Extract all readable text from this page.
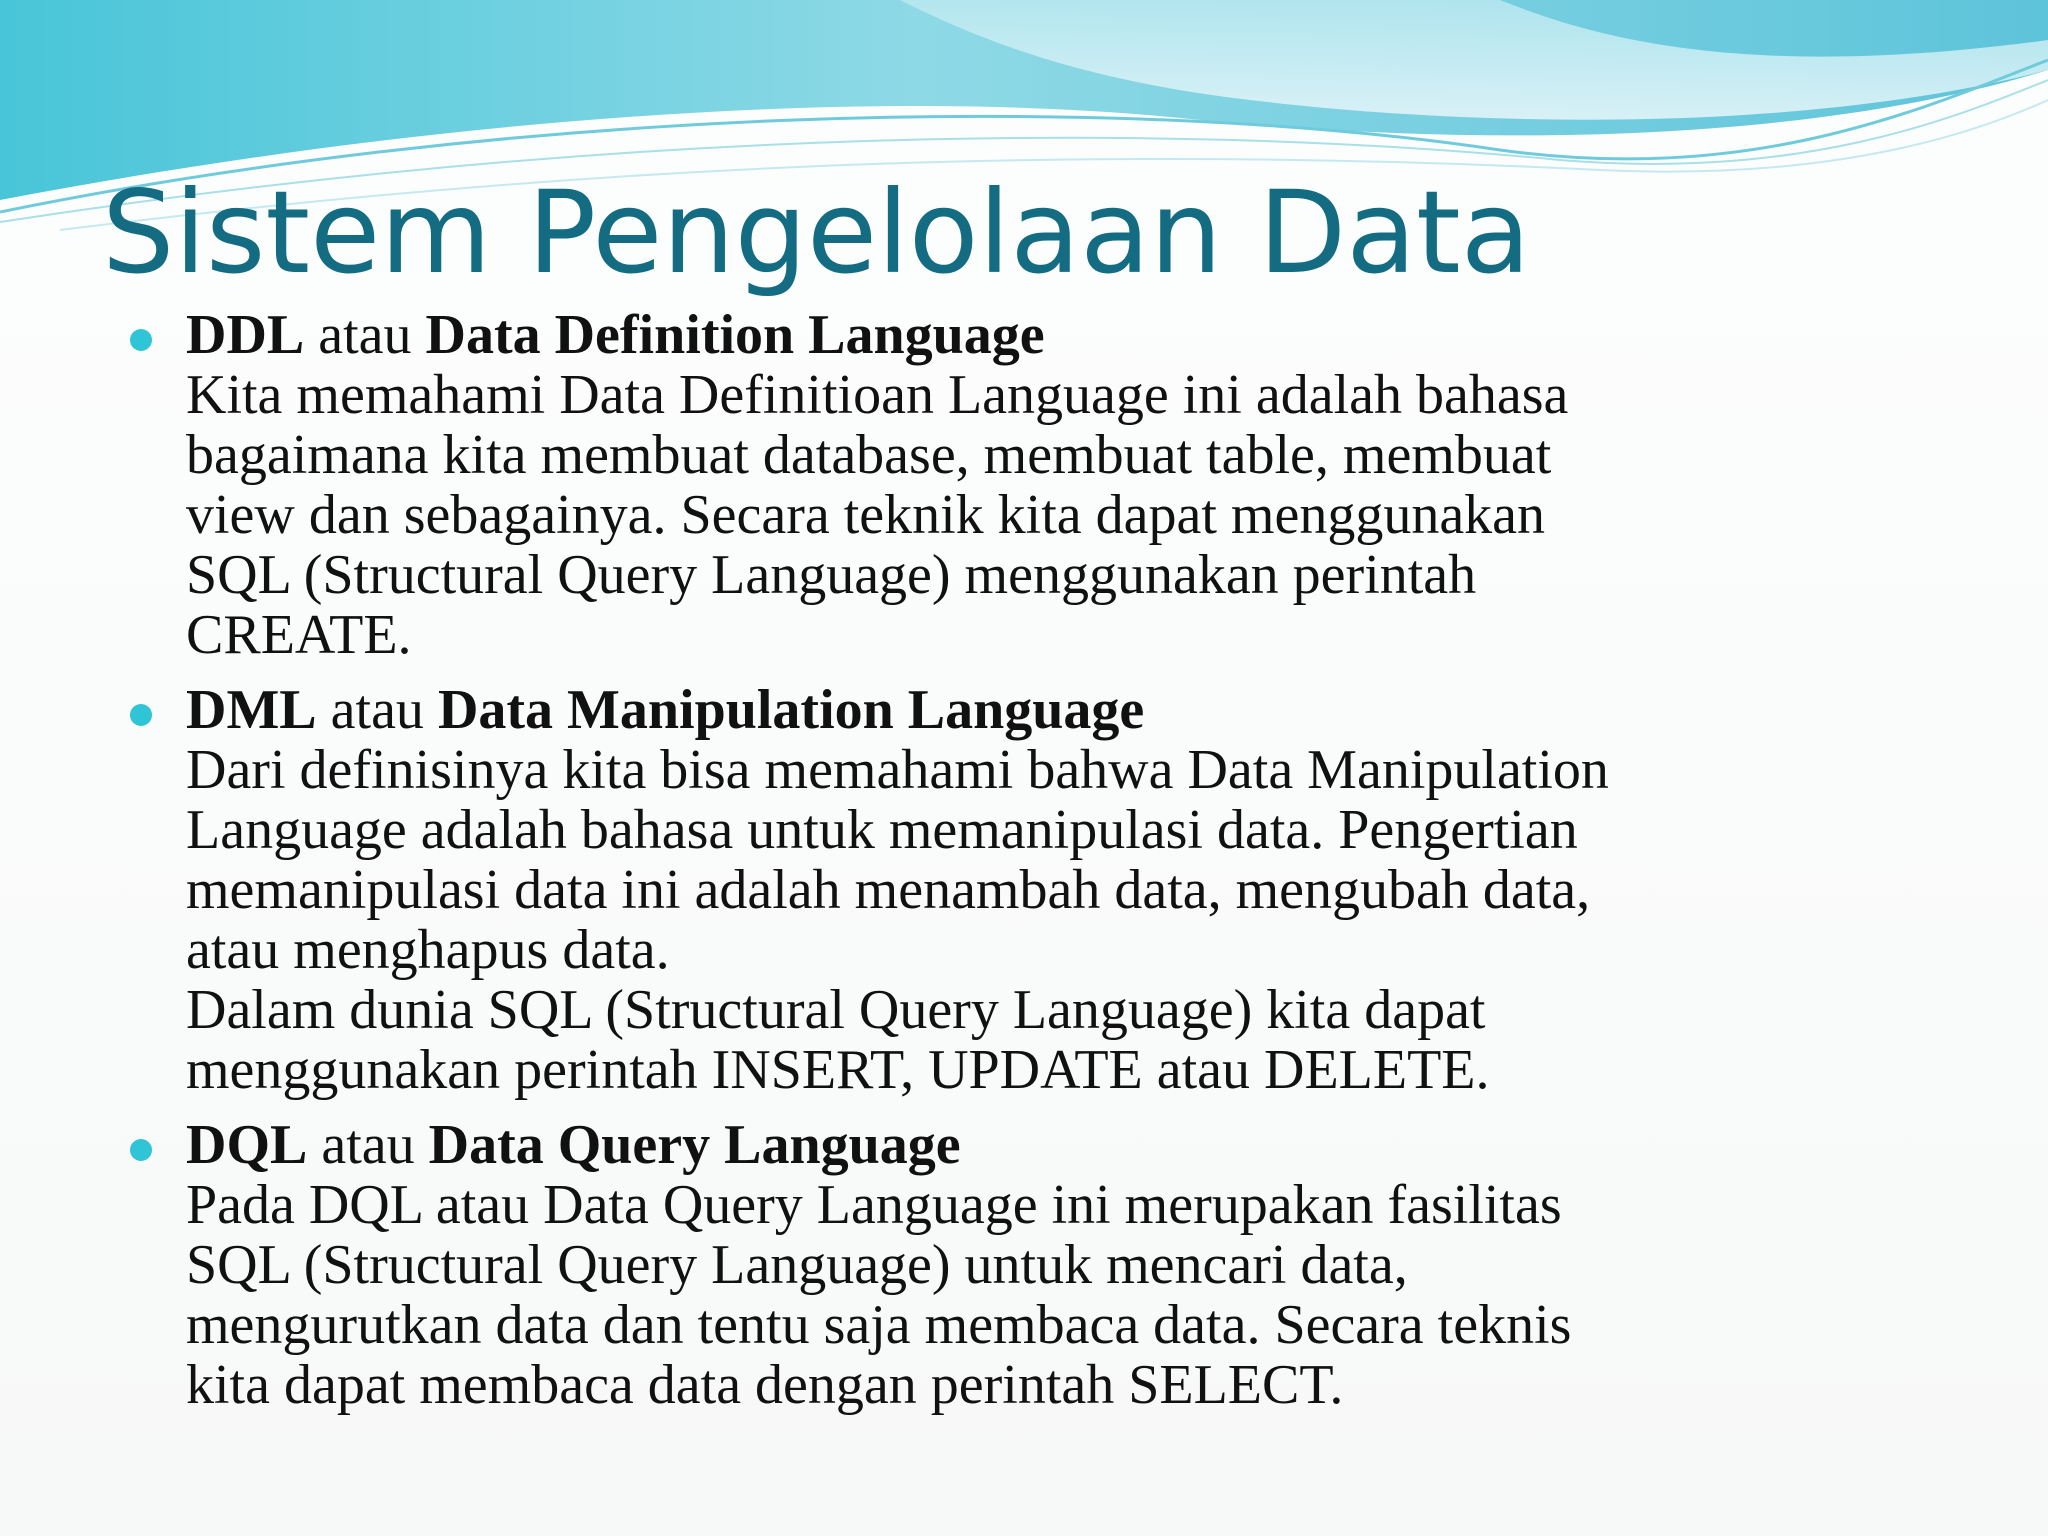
Sistem Pengelolaan Data
DDL atau Data Definition Language
Kita memahami Data Definitioan Language ini adalah bahasa
bagaimana kita membuat database, membuat table, membuat
view dan sebagainya. Secara teknik kita dapat menggunakan
SQL (Structural Query Language) menggunakan perintah
CREATE.
DML atau Data Manipulation Language
Dari definisinya kita bisa memahami bahwa Data Manipulation
Language adalah bahasa untuk memanipulasi data. Pengertian
memanipulasi data ini adalah menambah data, mengubah data,
atau menghapus data.
Dalam dunia SQL (Structural Query Language) kita dapat
menggunakan perintah INSERT, UPDATE atau DELETE.
DQL atau Data Query Language
Pada DQL atau Data Query Language ini merupakan fasilitas
SQL (Structural Query Language) untuk mencari data,
mengurutkan data dan tentu saja membaca data. Secara teknis
kita dapat membaca data dengan perintah SELECT.
